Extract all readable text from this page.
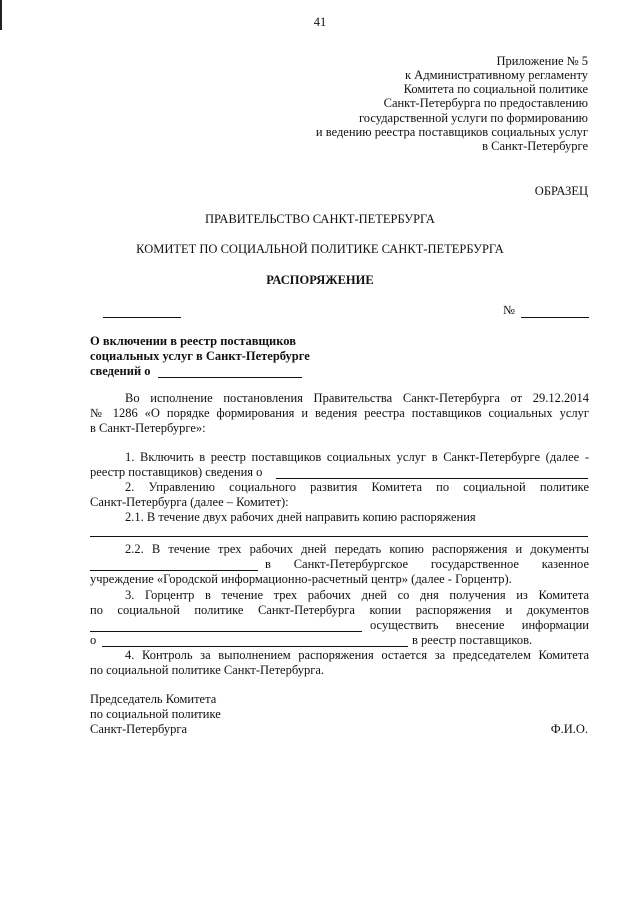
41
Приложение № 5
к Административному регламенту
Комитета по социальной политике
Санкт-Петербурга по предоставлению
государственной услуги по формированию
и ведению реестра поставщиков социальных услуг
в Санкт-Петербурге
ОБРАЗЕЦ
ПРАВИТЕЛЬСТВО САНКТ-ПЕТЕРБУРГА
КОМИТЕТ ПО СОЦИАЛЬНОЙ ПОЛИТИКЕ САНКТ-ПЕТЕРБУРГА
РАСПОРЯЖЕНИЕ
№
О включении в реестр поставщиков
социальных услуг в Санкт-Петербурге
сведений о
Во исполнение постановления Правительства Санкт-Петербурга от 29.12.2014
№ 1286 «О порядке формирования и ведения реестра поставщиков социальных услуг
в Санкт-Петербурге»:
1. Включить в реестр поставщиков социальных услуг в Санкт-Петербурге (далее -
реестр поставщиков) сведения о
2. Управлению социального развития Комитета по социальной политике
Санкт-Петербурга (далее – Комитет):
2.1. В течение двух рабочих дней направить копию распоряжения
2.2. В течение трех рабочих дней передать копию распоряжения и документы
в Санкт-Петербургское государственное казенное
учреждение «Городской информационно-расчетный центр» (далее - Горцентр).
3. Горцентр в течение трех рабочих дней со дня получения из Комитета
по социальной политике Санкт-Петербурга копии распоряжения и документов
осуществить внесение информации
о	в реестр поставщиков.
4. Контроль за выполнением распоряжения остается за председателем Комитета
по социальной политике Санкт-Петербурга.
Председатель Комитета
по социальной политике
Санкт-Петербурга	Ф.И.О.
